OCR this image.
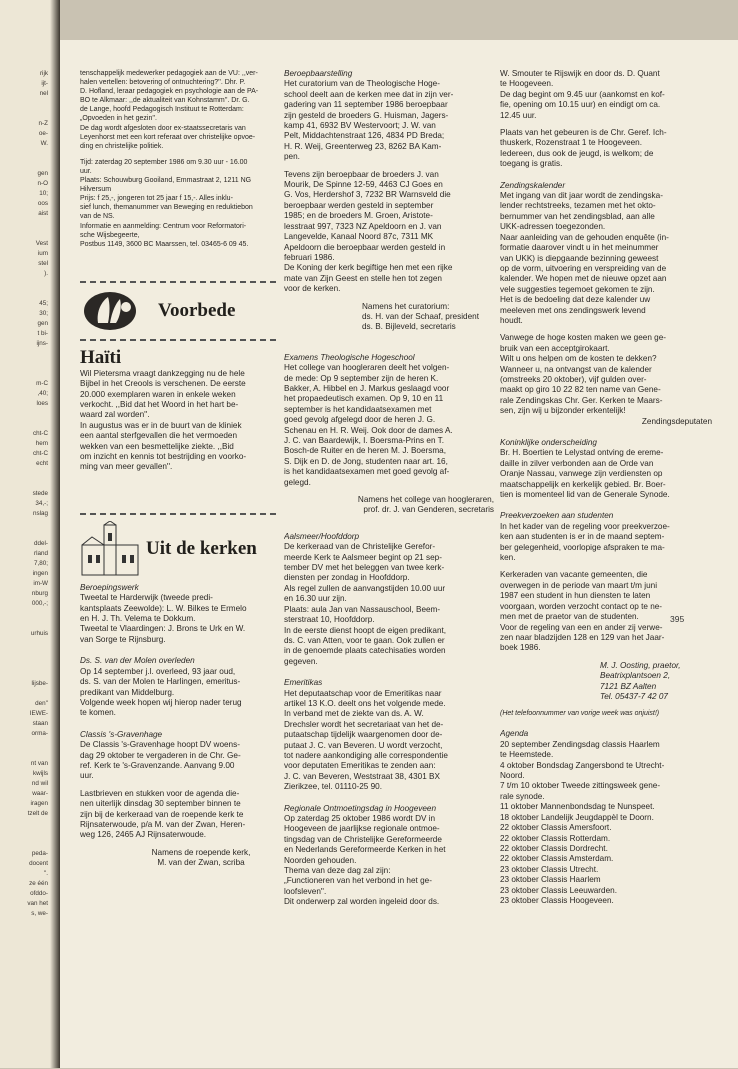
rijk
ijt-
nel
n-Z
oe-
W.
gen
n-O
10;
oos
aist
Vest
ium
stel
).
45;
30;
gen
t bi-
ijns-
m-C
,40;
loes
cht-C
hem
cht-C
echt
stede
34,-;
nslag
ddel-
rland
7,80;
ingen
im-W
nburg
000,-;
urhuis
lijsbe-
den''
IEWE-
staan
orma-
nt van
kwijls
nd wil
waar-
iragen
tzelt de
peda-
docent
''.
ze één
ofddo-
van het
s, we-
tenschappelijk medewerker pedagogiek aan de VU: ,,ver-
halen vertellen: betovering of ontnuchtering?''. Dhr. P.
D. Hofland, leraar pedagogiek en psychologie aan de PA-
BO te Alkmaar: ,,de aktualiteit van Kohnstamm''. Dr. G.
de Lange, hoofd Pedagogisch Instituut te Rotterdam:
„Opvoeden in het gezin''.
De dag wordt afgesloten door ex-staatssecretaris van
Leyenhorst met een kort referaat over christelijke opvoe-
ding en christelijke politiek.
Tijd: zaterdag 20 september 1986 om 9.30 uur - 16.00
uur.
Plaats: Schouwburg Gooiland, Emmastraat 2, 1211 NG
Hilversum
Prijs: f 25,-, jongeren tot 25 jaar f 15,-. Alles inklu-
sief lunch, themanummer van Beweging en reduktiebon
van de NS.
Informatie en aanmelding: Centrum voor Reformatori-
sche Wijsbegeerte,
Postbus 1149, 3600 BC Maarssen, tel. 03465-6 09 45.
Voorbede
Haïti
Wil Pietersma vraagt dankzegging nu de hele
Bijbel in het Creools is verschenen. De eerste
20.000 exemplaren waren in enkele weken
verkocht. ,,Bid dat het Woord in het hart be-
waard zal worden''.
In augustus was er in de buurt van de kliniek
een aantal sterfgevallen die het vermoeden
wekken van een besmettelijke ziekte. ,,Bid
om inzicht en kennis tot bestrijding en voorko-
ming van meer gevallen''.
Uit de kerken

Beroepingswerk

Tweetal te Harderwijk (tweede predi-
kantsplaats Zeewolde): L. W. Bilkes te Ermelo
en H. J. Th. Velema te Dokkum.
Tweetal te Vlaardingen: J. Brons te Urk en W.
van Sorge te Rijnsburg.

Ds. S. van der Molen overleden

Op 14 september j.l. overleed, 93 jaar oud,
ds. S. van der Molen te Harlingen, emeritus-
predikant van Middelburg.
Volgende week hopen wij hierop nader terug
te komen.

Classis 's-Gravenhage

De Classis 's-Gravenhage hoopt DV woens-
dag 29 oktober te vergaderen in de Chr. Ge-
ref. Kerk te 's-Gravenzande. Aanvang 9.00
uur.
Lastbrieven en stukken voor de agenda die-
nen uiterlijk dinsdag 30 september binnen te
zijn bij de kerkeraad van de roepende kerk te
Rijnsaterwoude, p/a M. van der Zwan, Heren-
weg 126, 2465 AJ Rijnsaterwoude.
Namens de roepende kerk,
M. van der Zwan, scriba

Beroepbaarstelling

Het curatorium van de Theologische Hoge-
school deelt aan de kerken mee dat in zijn ver-
gadering van 11 september 1986 beroepbaar
zijn gesteld de broeders G. Huisman, Jagers-
kamp 41, 6932 BV Westervoort; J. W. van
Pelt, Middachtenstraat 126, 4834 PD Breda;
H. R. Weij, Greenterweg 23, 8262 BA Kam-
pen.
Tevens zijn beroepbaar de broeders J. van
Mourik, De Spinne 12-59, 4463 CJ Goes en
G. Vos, Herdershof 3, 7232 BR Warnsveld die
beroepbaar werden gesteld in september
1985; en de broeders M. Groen, Aristote-
lesstraat 997, 7323 NZ Apeldoorn en J. van
Langevelde, Kanaal Noord 87c, 7311 MK
Apeldoorn die beroepbaar werden gesteld in
februari 1986.
De Koning der kerk begiftige hen met een rijke
mate van Zijn Geest en stelle hen tot zegen
voor de kerken.
Namens het curatorium:
ds. H. van der Schaaf, president
ds. B. Bijleveld, secretaris

Examens Theologische Hogeschool

Het college van hoogleraren deelt het volgen-
de mede: Op 9 september zijn de heren K.
Bakker, A. Hibbel en J. Markus geslaagd voor
het propaedeutisch examen. Op 9, 10 en 11
september is het kandidaatsexamen met
goed gevolg afgelegd door de heren J. G.
Schenau en H. R. Weij. Ook door de dames A.
J. C. van Baardewijk, I. Boersma-Prins en T.
Bosch-de Ruiter en de heren M. J. Boersma,
S. Dijk en D. de Jong, studenten naar art. 16,
is het kandidaatsexamen met goed gevolg af-
gelegd.
Namens het college van hoogleraren,
prof. dr. J. van Genderen, secretaris

Aalsmeer/Hoofddorp

De kerkeraad van de Christelijke Gerefor-
meerde Kerk te Aalsmeer begint op 21 sep-
tember DV met het beleggen van twee kerk-
diensten per zondag in Hoofddorp.
Als regel zullen de aanvangstijden 10.00 uur
en 16.30 uur zijn.
Plaats: aula Jan van Nassauschool, Beem-
sterstraat 10, Hoofddorp.
In de eerste dienst hoopt de eigen predikant,
ds. C. van Atten, voor te gaan. Ook zullen er
in de genoemde plaats catechisaties worden
gegeven.

Emeritikas

Het deputaatschap voor de Emeritikas naar
artikel 13 K.O. deelt ons het volgende mede.
In verband met de ziekte van ds. A. W.
Drechsler wordt het secretariaat van het de-
putaatschap tijdelijk waargenomen door de-
putaat J. C. van Beveren. U wordt verzocht,
tot nadere aankondiging alle correspondentie
voor deputaten Emeritikas te zenden aan:
J. C. van Beveren, Weststraat 38, 4301 BX
Zierikzee, tel. 01110-25 90.

Regionale Ontmoetingsdag in Hoogeveen

Op zaterdag 25 oktober 1986 wordt DV in
Hoogeveen de jaarlijkse regionale ontmoe-
tingsdag van de Christelijke Gereformeerde
en Nederlands Gereformeerde Kerken in het
Noorden gehouden.
Thema van deze dag zal zijn:
„Functioneren van het verbond in het ge-
loofsleven''.
Dit onderwerp zal worden ingeleid door ds.
W. Smouter te Rijswijk en door ds. D. Quant
te Hoogeveen.
De dag begint om 9.45 uur (aankomst en kof-
fie, opening om 10.15 uur) en eindigt om ca.
12.45 uur.
Plaats van het gebeuren is de Chr. Geref. Ich-
thuskerk, Rozenstraat 1 te Hoogeveen.
Iedereen, dus ook de jeugd, is welkom; de
toegang is gratis.

Zendingskalender

Met ingang van dit jaar wordt de zendingska-
lender rechtstreeks, tezamen met het okto-
bernummer van het zendingsblad, aan alle
UKK-adressen toegezonden.
Naar aanleiding van de gehouden enquête (in-
formatie daarover vindt u in het meinummer
van UKK) is diepgaande bezinning geweest
op de vorm, uitvoering en verspreiding van de
kalender. We hopen met de nieuwe opzet aan
vele suggesties tegemoet gekomen te zijn.
Het is de bedoeling dat deze kalender uw
meeleven met ons zendingswerk levend
houdt.
Vanwege de hoge kosten maken we geen ge-
bruik van een acceptgirokaart.
Wilt u ons helpen om de kosten te dekken?
Wanneer u, na ontvangst van de kalender
(omstreeks 20 oktober), vijf gulden over-
maakt op giro 10 22 82 ten name van Gene-
rale Zendingskas Chr. Ger. Kerken te Maars-
sen, zijn wij u bijzonder erkentelijk!
Zendingsdeputaten

Koninklijke onderscheiding

Br. H. Boertien te Lelystad ontving de ereme-
daille in zilver verbonden aan de Orde van
Oranje Nassau, vanwege zijn verdiensten op
maatschappelijk en kerkelijk gebied. Br. Boer-
tien is momenteel lid van de Generale Synode.

Preekverzoeken aan studenten

In het kader van de regeling voor preekverzoe-
ken aan studenten is er in de maand septem-
ber gelegenheid, voorlopige afspraken te ma-
ken.
Kerkeraden van vacante gemeenten, die
overwegen in de periode van maart t/m juni
1987 een student in hun diensten te laten
voorgaan, worden verzocht contact op te ne-
men met de praetor van de studenten.
Voor de regeling van een en ander zij verwe-
zen naar bladzijden 128 en 129 van het Jaar-
boek 1986.
M. J. Oosting, praetor,
Beatrixplantsoen 2,
7121 BZ Aalten
Tel. 05437-7 42 07

(Het telefoonnummer van vorige week was onjuist!)

Agenda

20 september Zendingsdag classis Haarlem
te Heemstede.
4 oktober Bondsdag Zangersbond te Utrecht-
Noord.
7 t/m 10 oktober Tweede zittingsweek gene-
rale synode.
11 oktober Mannenbondsdag te Nunspeet.
18 oktober Landelijk Jeugdappèl te Doorn.
22 oktober Classis Amersfoort.
22 oktober Classis Rotterdam.
22 oktober Classis Dordrecht.
22 oktober Classis Amsterdam.
23 oktober Classis Utrecht.
23 oktober Classis Haarlem
23 oktober Classis Leeuwarden.
23 oktober Classis Hoogeveen.
395
